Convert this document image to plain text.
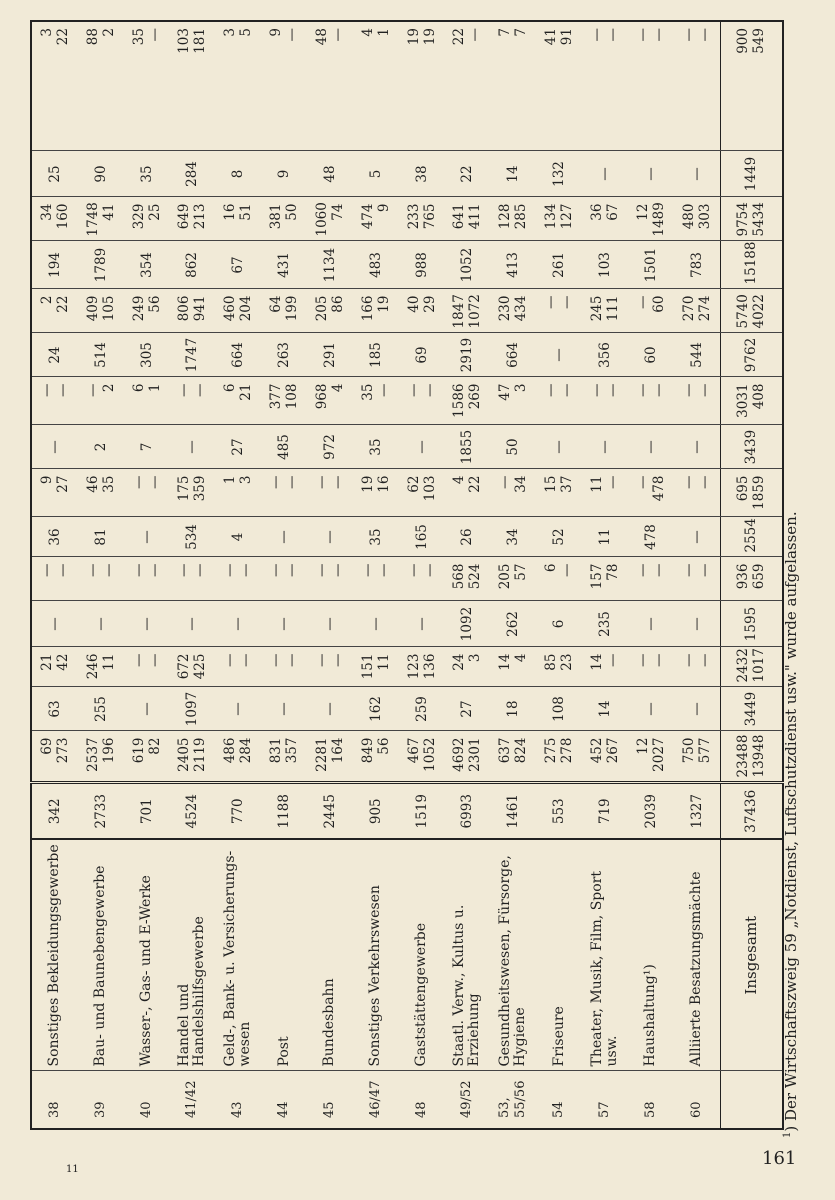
38	Sonstiges Bekleidungsgewerbe	342	69 273	63	21 42	—	— —	36	9 27	—	— —	24	2 22	194	34 160	25	3 22

39	Bau- und Baunebengewerbe	2733	2537 196	255	246 11	—	— —	81	46 35	2	— 2	514	409 105	1789	1748 41	90	88 2

40	Wasser-, Gas- und E-Werke	701	619 82	—	— —	—	— —	—	— —	7	6 1	305	249 56	354	329 25	35	35 —

41/42	Handel und Handelshilfsgewerbe	4524	2405 2119	1097	672 425	—	— —	534	175 359	—	— —	1747	806 941	862	649 213	284	103 181

43	Geld-, Bank- u. Versicherungs-wesen	770	486 284	—	— —	—	— —	4	1 3	27	6 21	664	460 204	67	16 51	8	3 5

44	Post	1188	831 357	—	— —	—	— —	—	— —	485	377 108	263	64 199	431	381 50	9	9 —

45	Bundesbahn	2445	2281 164	—	— —	—	— —	—	— —	972	968 4	291	205 86	1134	1060 74	48	48 —

46/47	Sonstiges Verkehrswesen	905	849 56	162	151 11	—	— —	35	19 16	35	35 —	185	166 19	483	474 9	5	4 1

48	Gaststättengewerbe	1519	467 1052	259	123 136	—	— —	165	62 103	—	— —	69	40 29	988	233 765	38	19 19

49/52	Staatl. Verw., Kultus u. Erziehung	6993	4692 2301	27	24 3	1092	568 524	26	4 22	1855	1586 269	2919	1847 1072	1052	641 411	22	22 —

53, 55/56	Gesundheitswesen, Fürsorge, Hygiene	1461	637 824	18	14 4	262	205 57	34	— 34	50	47 3	664	230 434	413	128 285	14	7 7

54	Friseure	553	275 278	108	85 23	6	6 —	52	15 37	—	— —	—	— —	261	134 127	132	41 91

57	Theater, Musik, Film, Sport usw.	719	452 267	14	14 —	235	157 78	11	11 —	—	— —	356	245 111	103	36 67	—	— —

58	Haushaltung¹)	2039	12 2027	—	— —	—	— —	478	— 478	—	— —	60	— 60	1501	12 1489	—	— —

60	Alliierte Besatzungsmächte	1327	750 577	—	— —	—	— —	—	— —	—	— —	544	270 274	783	480 303	—	— —

	Insgesamt	37436	23488 13948	3449	2432 1017	1595	936 659	2554	695 1859	3439	3031 408	9762	5740 4022	15188	9754 5434	1449	900 549
$^1$) Der Wirtschaftszweig 59 „Notdienst, Luftschutzdienst usw." wurde aufgelassen.
161
11
